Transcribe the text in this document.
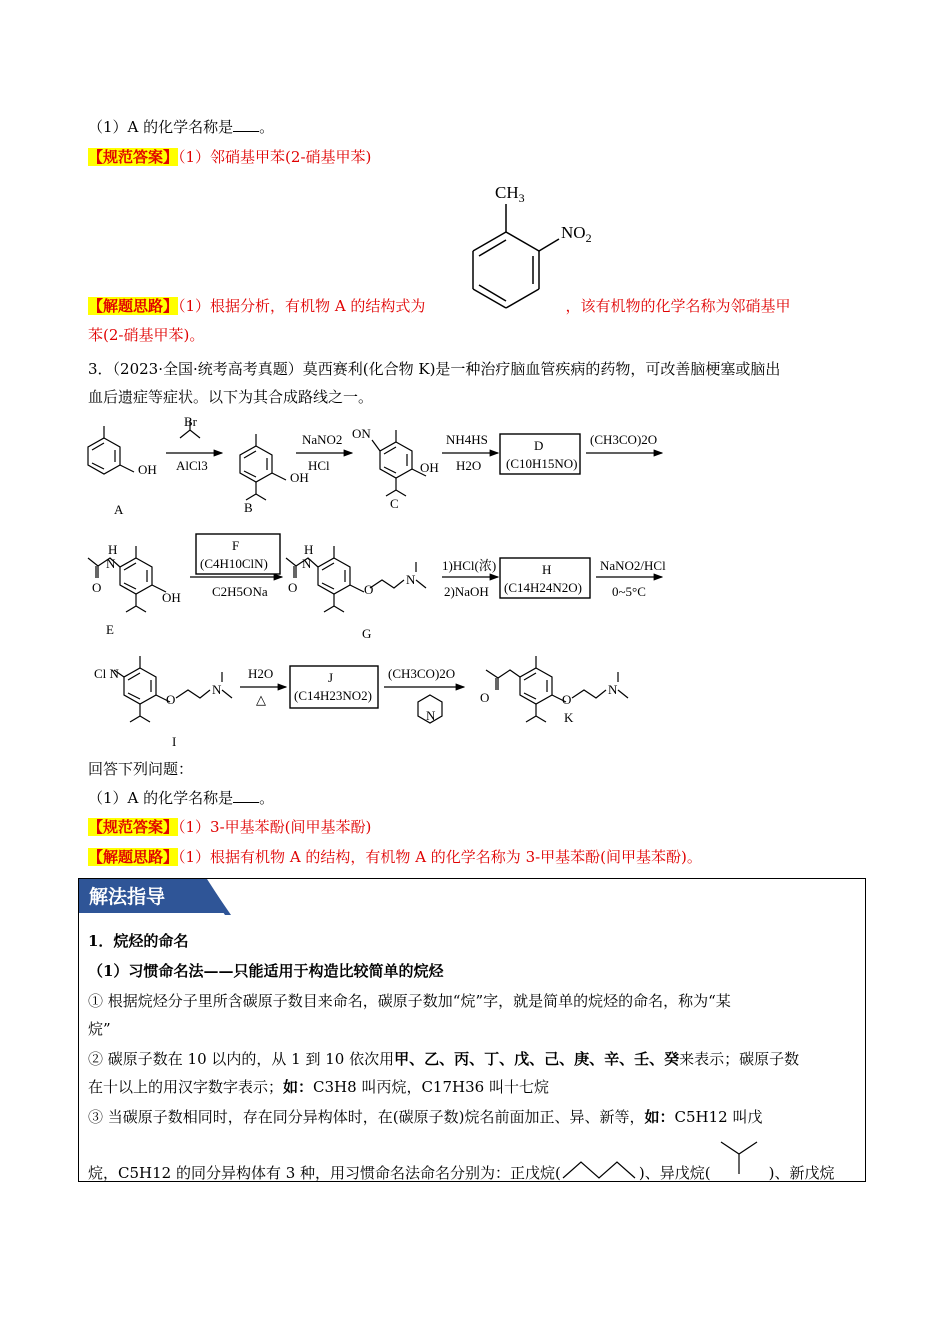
（1）A 的化学名称是 。
【规范答案】（1）邻硝基甲苯(2-硝基甲苯)
$CH_3$
$NO_2$
【解题思路】（1）根据分析，有机物 A 的结构式为	，该有机物的化学名称为邻硝基甲
苯(2-硝基甲苯)。
3．（2023·全国·统考高考真题）莫西赛利(化合物 K)是一种治疗脑血管疾病的药物，可改善脑梗塞或脑出
血后遗症等症状。以下为其合成路线之一。
OH
A
Br
AlCl3
OH
B
NaNO2
HCl
ON
OH
C
NH4HS
H2O
D
(C10H15NO)
(CH3CO)2O
H
N
O
OH
E
F
(C4H10ClN)
C2H5ONa
H
N
O	O
N
G
1)HCl(浓)
2)NaOH
H
(C14H24N2O)
NaNO2/HCl
0~5°C
Cl N
O
N
I
H2O
△
J
(C14H23NO2)
(CH3CO)2O
N
O	O
N
K
回答下列问题：
（1）A 的化学名称是 。
【规范答案】（1）3-甲基苯酚(间甲基苯酚)
【解题思路】（1）根据有机物 A 的结构，有机物 A 的化学名称为 3-甲基苯酚(间甲基苯酚)。
解法指导
1．烷烃的命名
（1）习惯命名法——只能适用于构造比较简单的烷烃
① 根据烷烃分子里所含碳原子数目来命名，碳原子数加“烷”字，就是简单的烷烃的命名，称为“某
烷”
② 碳原子数在 10 以内的，从 1 到 10 依次用甲、乙、丙、丁、戊、己、庚、辛、壬、癸来表示；碳原子数
在十以上的用汉字数字表示；如：C3H8 叫丙烷，C17H36 叫十七烷
③ 当碳原子数相同时，存在同分异构体时，在(碳原子数)烷名前面加正、异、新等，如：C5H12 叫戊
烷，C5H12 的同分异构体有 3 种，用习惯命名法命名分别为：正戊烷(	)、异戊烷(	)、新戊烷
